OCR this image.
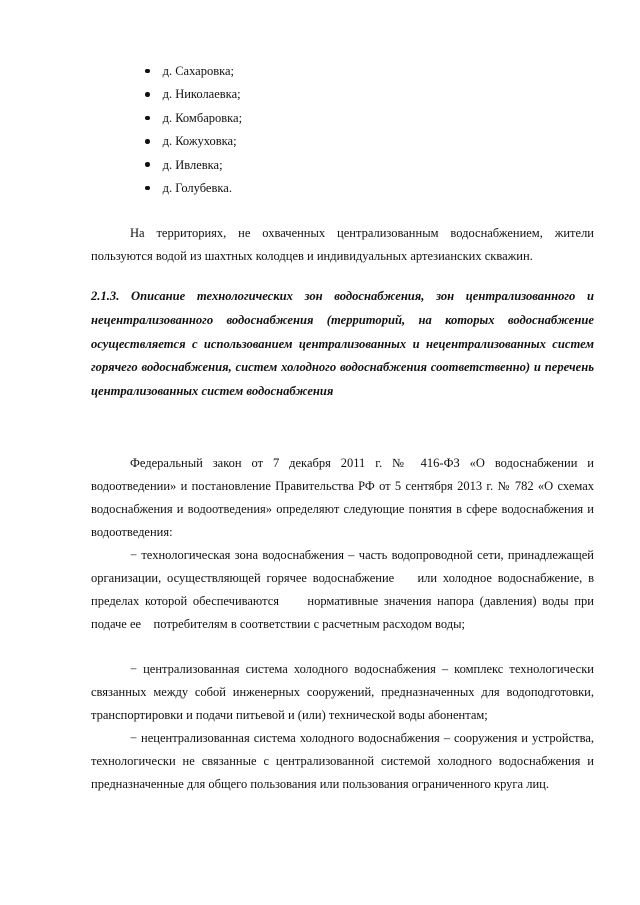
д. Сахаровка;
д. Николаевка;
д. Комбаровка;
д. Кожуховка;
д. Ивлевка;
д. Голубевка.

На территориях, не охваченных централизованным водоснабжением, жители пользуются водой из шахтных колодцев и индивидуальных артезианских скважин.

2.1.3. Описание технологических зон водоснабжения, зон централизованного и нецентрализованного водоснабжения (территорий, на которых водоснабжение осуществляется с использованием централизованных и нецентрализованных систем горячего водоснабжения, систем холодного водоснабжения соответственно) и перечень централизованных систем водоснабжения

Федеральный закон от 7 декабря 2011 г. № 416-ФЗ «О водоснабжении и водоотведении» и постановление Правительства РФ от 5 сентября 2013 г. № 782 «О схемах водоснабжения и водоотведения» определяют следующие понятия в сфере водоснабжения и водоотведения:

− технологическая зона водоснабжения – часть водопроводной сети, принадлежащей организации, осуществляющей горячее водоснабжение    или холодное водоснабжение, в пределах которой обеспечиваются     нормативные значения напора (давления) воды при подаче ее    потребителям в соответствии с расчетным расходом воды;

− централизованная система холодного водоснабжения – комплекс технологически связанных между собой инженерных сооружений, предназначенных для водоподготовки, транспортировки и подачи питьевой и (или) технической воды абонентам;

− нецентрализованная система холодного водоснабжения – сооружения и устройства, технологически не связанные с централизованной системой холодного водоснабжения и предназначенные для общего пользования или пользования ограниченного круга лиц.
